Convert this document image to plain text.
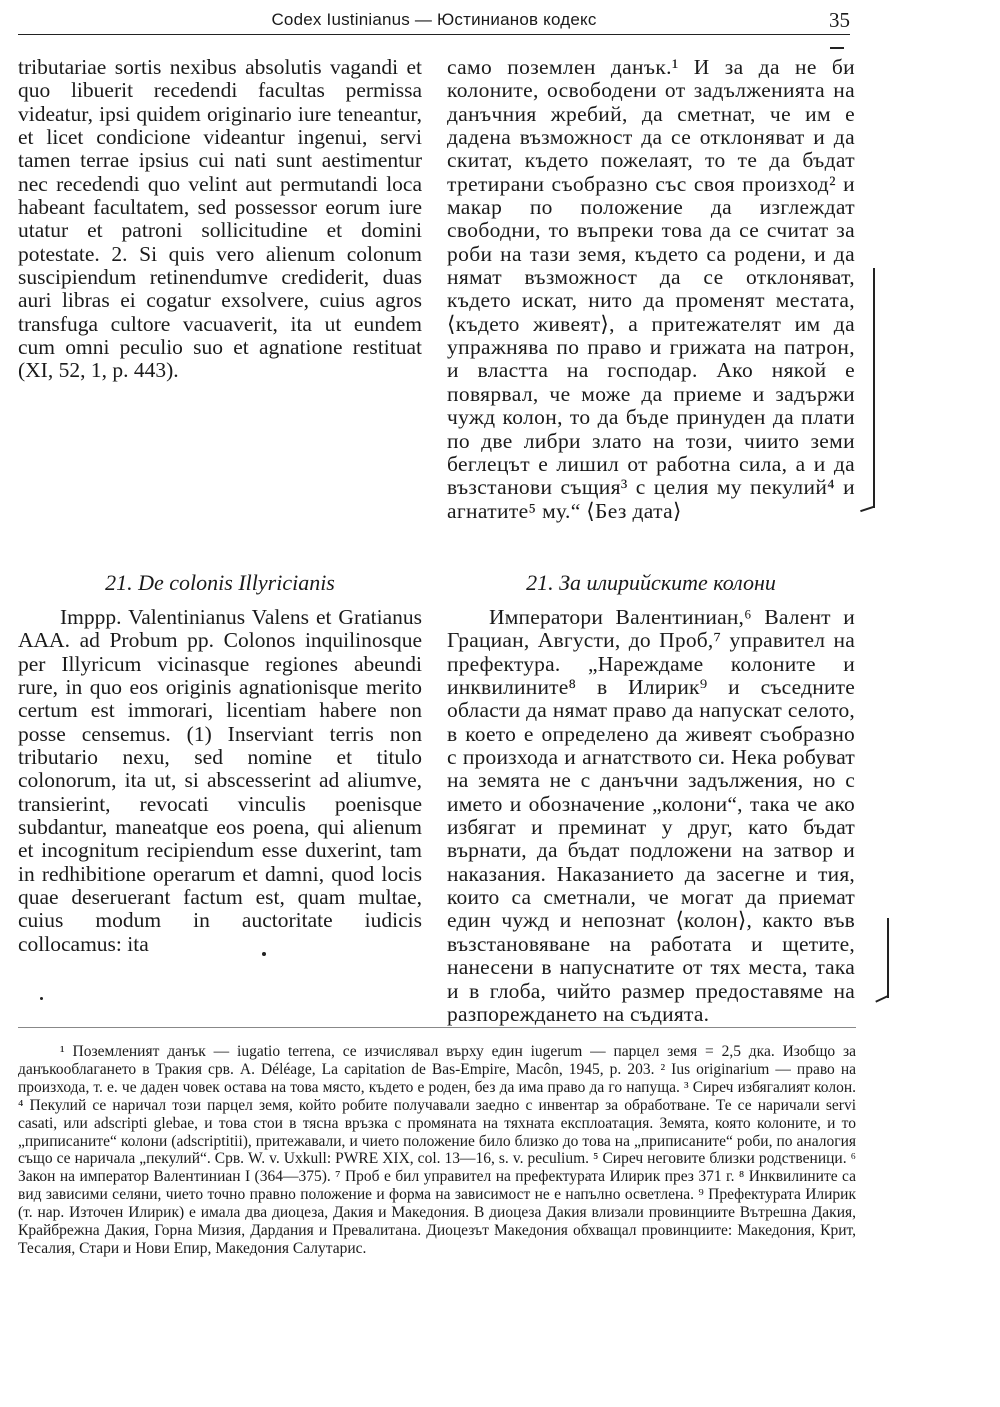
Codex Iustinianus — Юстинианов кодекс	35

tributariae sortis nexibus absolutis vagandi et quo libuerit recedendi facultas permissa videatur, ipsi quidem originario iure teneantur, et licet condicione videantur ingenui, servi tamen terrae ipsius cui nati sunt aestimentur nec recedendi quo velint aut permutandi loca habeant facultatem, sed possessor eorum iure utatur et patroni sollicitudine et domini potestate. 2. Si quis vero alienum colonum suscipiendum retinendumve crediderit, duas auri libras ei cogatur exsolvere, cuius agros transfuga cultore vacuaverit, ita ut eundem cum omni peculio suo et agnatione restituat (XI, 52, 1, p. 443).

само поземлен данък.¹ И за да не би колоните, освободени от задълженията на данъчния жребий, да сметнат, че им е дадена възможност да се отклоняват и да скитат, където пожелаят, то те да бъдат третирани съобразно със своя произход² и макар по положение да изглеждат свободни, то въпреки това да се считат за роби на тази земя, където са родени, и да нямат възможност да се отклоняват, където искат, нито да променят местата, ⟨където живеят⟩, а притежателят им да упражнява по право и грижата на патрон, и властта на господар. Ако някой е повярвал, че може да приеме и задържи чужд колон, то да бъде принуден да плати по две либри злато на този, чиито земи беглецът е лишил от работна сила, а и да възстанови същия³ с целия му пекулий⁴ и агнатите⁵ му.“ ⟨Без дата⟩

21. De colonis Illyricianis	21. За илирийските колони

Imppp. Valentinianus Valens et Gratianus AAA. ad Probum pp. Colonos inquilinosque per Illyricum vicinasque regiones abeundi rure, in quo eos originis agnationisque merito certum est immorari, licentiam habere non posse censemus. (1) Inserviant terris non tributario nexu, sed nomine et titulo colonorum, ita ut, si abscesserint ad aliumve, transierint, revocati vinculis poenisque subdantur, maneatque eos poena, qui alienum et incognitum recipiendum esse duxerint, tam in redhibitione operarum et damni, quod locis quae deseruerant factum est, quam multae, cuius modum in auctoritate iudicis collocamus: ita

Императори Валентиниан,⁶ Валент и Грациан, Августи, до Проб,⁷ управител на префектура. „Нареждаме колоните и инквилините⁸ в Илирик⁹ и съседните области да нямат право да напускат селото, в което е определено да живеят съобразно с произхода и агнатството си. Нека робуват на земята не с данъчни задължения, но с името и обозначение „колони“, така че ако избягат и преминат у друг, като бъдат върнати, да бъдат подложени на затвор и наказания. Наказанието да засегне и тия, които са сметнали, че могат да приемат един чужд и непознат ⟨колон⟩, както във възстановяване на работата и щетите, нанесени в напуснатите от тях места, така и в глоба, чийто размер предоставяме на разпореждането на съдията.

¹ Поземленият данък — iugatio terrena, се изчислявал върху един iugerum — парцел земя = 2,5 дка. Изобщо за данъкооблагането в Тракия срв. A. Déléage, La capitation de Bas-Empire, Macôn, 1945, p. 203. ² Ius originarium — право на произхода, т. е. че даден човек остава на това място, където е роден, без да има право да го напуща. ³ Сиреч избягалият колон. ⁴ Пекулий се наричал този парцел земя, който робите получавали заедно с инвентар за обработване. Те се наричали servi casati, или adscripti glebae, и това стои в тясна връзка с промяната на тяхната експлоатация. Земята, която колоните, и то „приписаните“ колони (adscriptitii), притежавали, и чието положение било близко до това на „приписаните“ роби, по аналогия също се наричала „пекулий“. Срв. W. v. Uxkull: PWRE XIX, col. 13—16, s. v. peculium. ⁵ Сиреч неговите близки родственици. ⁶ Закон на император Валентиниан I (364—375). ⁷ Проб е бил управител на префектурата Илирик през 371 г. ⁸ Инквилините са вид зависими селяни, чието точно правно положение и форма на зависимост не е напълно осветлена. ⁹ Префектурата Илирик (т. нар. Източен Илирик) е имала два диоцеза, Дакия и Македония. В диоцеза Дакия влизали провинциите Вътрешна Дакия, Крайбрежна Дакия, Горна Мизия, Дардания и Превалитана. Диоцезът Македония обхващал провинциите: Македония, Крит, Тесалия, Стари и Нови Епир, Македония Салутарис.
